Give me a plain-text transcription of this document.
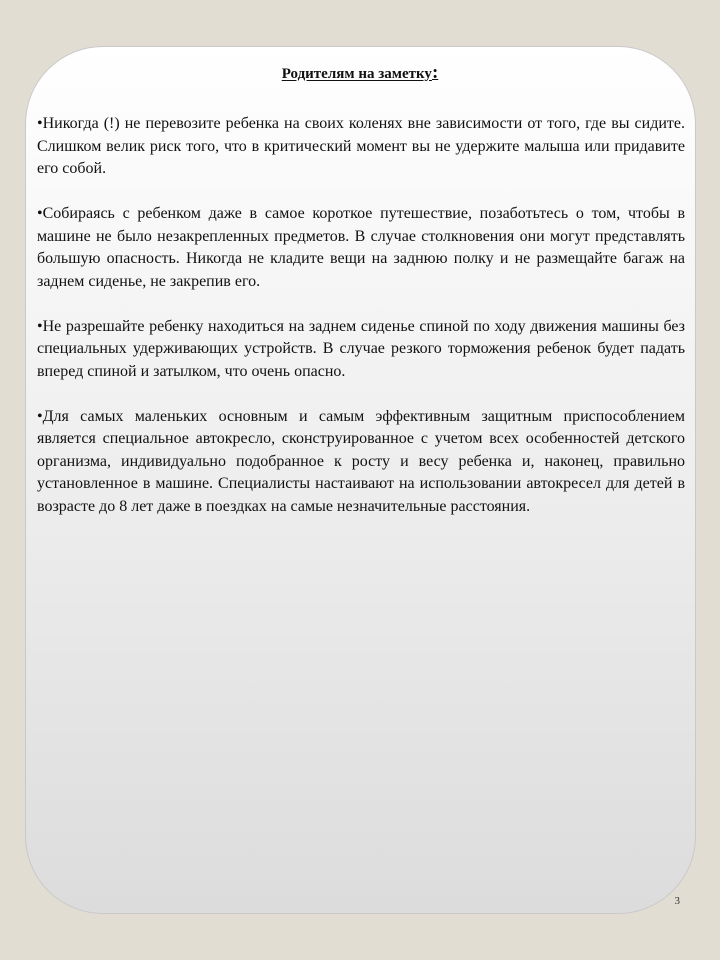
Родителям на заметку:

•Никогда (!) не перевозите ребенка на своих коленях вне зависимости от того, где вы сидите. Слишком велик риск того, что в критический момент вы не удержите малыша или придавите его собой.

•Собираясь с ребенком даже в самое короткое путешествие, позаботьтесь о том, чтобы в машине не было незакрепленных предметов. В случае столкновения они могут представлять большую опасность. Никогда не кладите вещи на заднюю полку и не размещайте багаж на заднем сиденье, не закрепив его.

•Не разрешайте ребенку находиться на заднем сиденье спиной по ходу движения машины без специальных удерживающих устройств. В случае резкого торможения ребенок будет падать вперед спиной и затылком, что очень опасно.

•Для самых маленьких основным и самым эффективным защитным приспособлением является специальное автокресло, сконструированное с учетом всех особенностей детского организма, индивидуально подобранное к росту и весу ребенка и, наконец, правильно установленное в машине. Специалисты настаивают на использовании автокресел для детей в возрасте до 8 лет даже в поездках на самые незначительные расстояния.

3
